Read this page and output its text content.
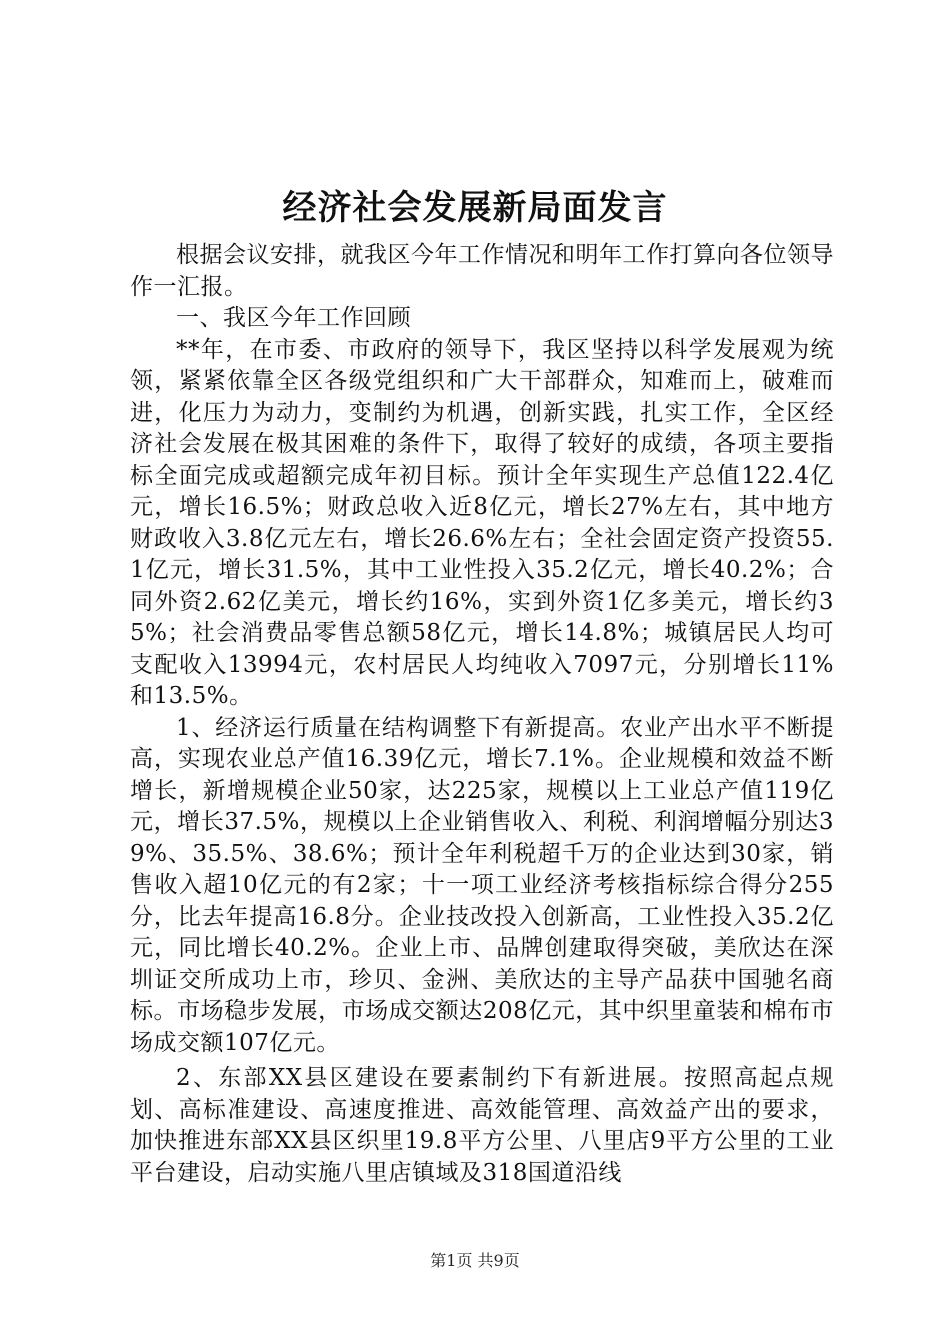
经济社会发展新局面发言

根据会议安排，就我区今年工作情况和明年工作打算向各位领导作一汇报。

一、我区今年工作回顾

**年，在市委、市政府的领导下，我区坚持以科学发展观为统领，紧紧依靠全区各级党组织和广大干部群众，知难而上，破难而进，化压力为动力，变制约为机遇，创新实践，扎实工作，全区经济社会发展在极其困难的条件下，取得了较好的成绩，各项主要指标全面完成或超额完成年初目标。预计全年实现生产总值122.4亿元，增长16.5%；财政总收入近8亿元，增长27%左右，其中地方财政收入3.8亿元左右，增长26.6%左右；全社会固定资产投资55.1亿元，增长31.5%，其中工业性投入35.2亿元，增长40.2%；合同外资2.62亿美元，增长约16%，实到外资1亿多美元，增长约35%；社会消费品零售总额58亿元，增长14.8%；城镇居民人均可支配收入13994元，农村居民人均纯收入7097元，分别增长11%和13.5%。

1、经济运行质量在结构调整下有新提高。农业产出水平不断提高，实现农业总产值16.39亿元，增长7.1%。企业规模和效益不断增长，新增规模企业50家，达225家，规模以上工业总产值119亿元，增长37.5%，规模以上企业销售收入、利税、利润增幅分别达39%、35.5%、38.6%；预计全年利税超千万的企业达到30家，销售收入超10亿元的有2家；十一项工业经济考核指标综合得分255分，比去年提高16.8分。企业技改投入创新高，工业性投入35.2亿元，同比增长40.2%。企业上市、品牌创建取得突破，美欣达在深圳证交所成功上市，珍贝、金洲、美欣达的主导产品获中国驰名商标。市场稳步发展，市场成交额达208亿元，其中织里童装和棉布市场成交额107亿元。

2、东部XX县区建设在要素制约下有新进展。按照高起点规划、高标准建设、高速度推进、高效能管理、高效益产出的要求，加快推进东部XX县区织里19.8平方公里、八里店9平方公里的工业平台建设，启动实施八里店镇域及318国道沿线

第1页 共9页
